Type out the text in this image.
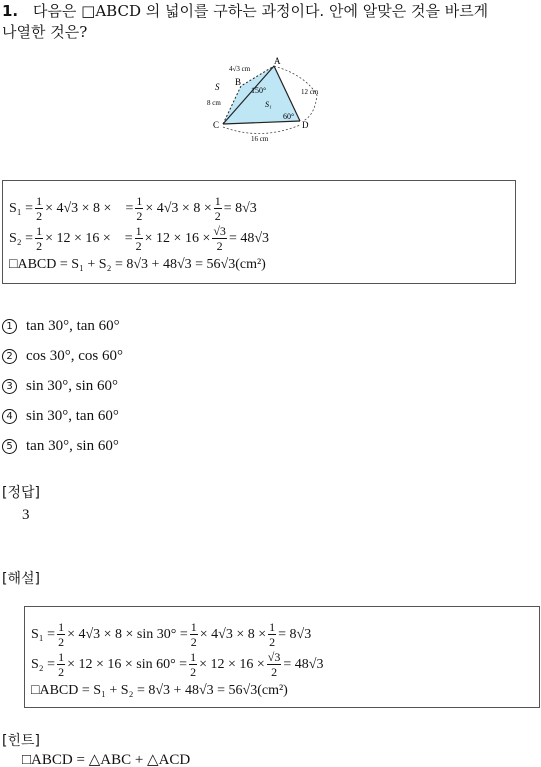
1. 다음은 □ABCD 의 넓이를 구하는 과정이다. 안에 알맞은 것을 바르게
나열한 것은?
A
B
C	D
S
S₁
4√3 cm
12 cm
8 cm
16 cm
150°
60°
$S_1 = \frac{1}{2} \times 4√3 \times 8$ × = $\frac{1}{2} \times 4√3 \times 8 \times \frac{1}{2} = 8√3$
$S_2 = \frac{1}{2} \times 12 \times 16$ × = $\frac{1}{2} \times 12 \times 16 \times \frac{√3}{2} = 48√3$
□ABCD = S₁ + S₂ = 8√3 + 48√3 = 56√3(cm²)
1 tan 30°, tan 60°
2 cos 30°, cos 60°
3 sin 30°, sin 60°
4 sin 30°, tan 60°
5 tan 30°, sin 60°
[정답]
3
[해설]
$S_1 = \frac{1}{2} \times 4√3 \times 8 \times \sin 30^\circ = \frac{1}{2} \times 4√3 \times 8 \times \frac{1}{2} = 8√3$
$S_2 = \frac{1}{2} \times 12 \times 16 \times \sin 60^\circ = \frac{1}{2} \times 12 \times 16 \times \frac{√3}{2} = 48√3$
□ABCD = S₁ + S₂ = 8√3 + 48√3 = 56√3(cm²)
[힌트]
□ABCD = △ABC + △ACD
